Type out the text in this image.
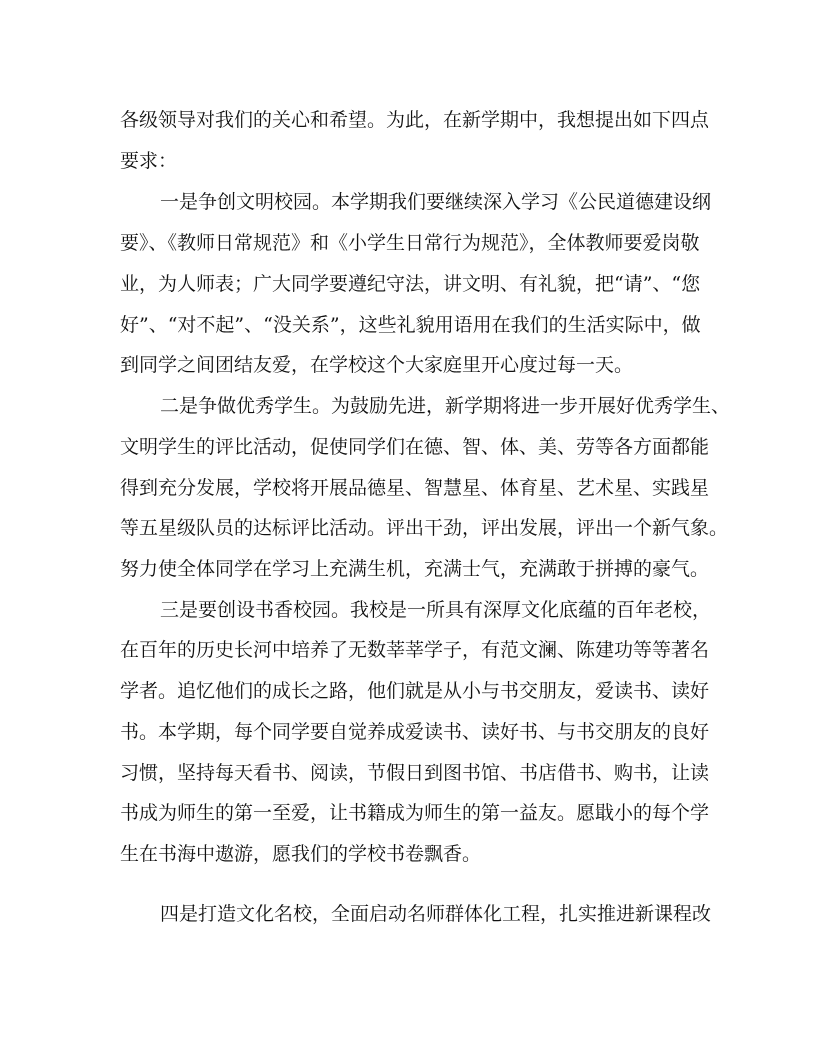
各级领导对我们的关心和希望。为此，在新学期中，我想提出如下四点
要求：
一是争创文明校园。本学期我们要继续深入学习《公民道德建设纲
要》、《教师日常规范》和《小学生日常行为规范》，全体教师要爱岗敬
业，为人师表；广大同学要遵纪守法，讲文明、有礼貌，把“请”、“您
好”、“对不起”、“没关系”，这些礼貌用语用在我们的生活实际中，做
到同学之间团结友爱，在学校这个大家庭里开心度过每一天。
二是争做优秀学生。为鼓励先进，新学期将进一步开展好优秀学生、
文明学生的评比活动，促使同学们在德、智、体、美、劳等各方面都能
得到充分发展，学校将开展品德星、智慧星、体育星、艺术星、实践星
等五星级队员的达标评比活动。评出干劲，评出发展，评出一个新气象。
努力使全体同学在学习上充满生机，充满士气，充满敢于拼搏的豪气。
三是要创设书香校园。我校是一所具有深厚文化底蕴的百年老校，
在百年的历史长河中培养了无数莘莘学子，有范文澜、陈建功等等著名
学者。追忆他们的成长之路，他们就是从小与书交朋友，爱读书、读好
书。本学期，每个同学要自觉养成爱读书、读好书、与书交朋友的良好
习惯，坚持每天看书、阅读，节假日到图书馆、书店借书、购书，让读
书成为师生的第一至爱，让书籍成为师生的第一益友。愿戢小的每个学
生在书海中遨游，愿我们的学校书卷飘香。
四是打造文化名校，全面启动名师群体化工程，扎实推进新课程改
